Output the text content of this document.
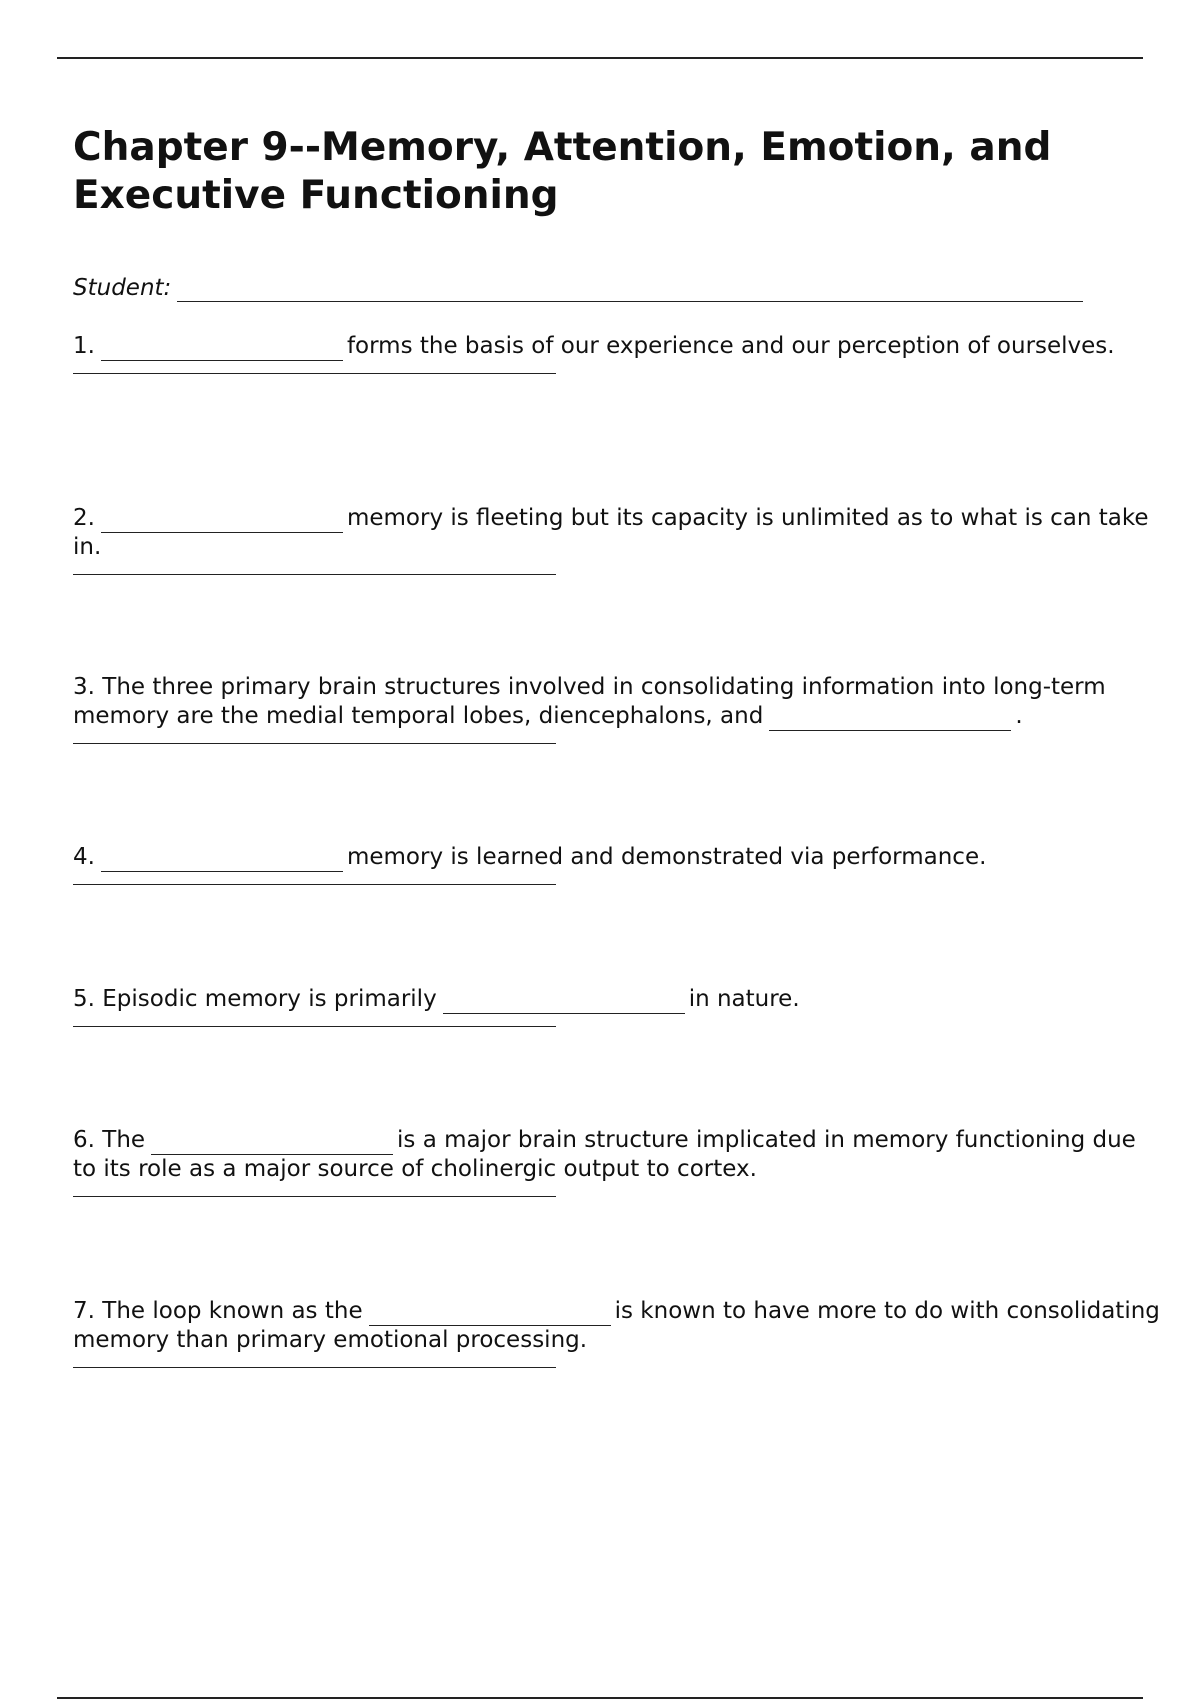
Chapter 9--Memory, Attention, Emotion, and Executive Functioning
Student:

1.	forms the basis of our experience and our perception of ourselves.

2.	memory is fleeting but its capacity is unlimited as to what is can take in.

3. The three primary brain structures involved in consolidating information into long-term memory are the medial temporal lobes, diencephalons, and	.

4.	memory is learned and demonstrated via performance.

5. Episodic memory is primarily	in nature.

6. The	is a major brain structure implicated in memory functioning due to its role as a major source of cholinergic output to cortex.

7. The loop known as the	is known to have more to do with consolidating memory than primary emotional processing.
